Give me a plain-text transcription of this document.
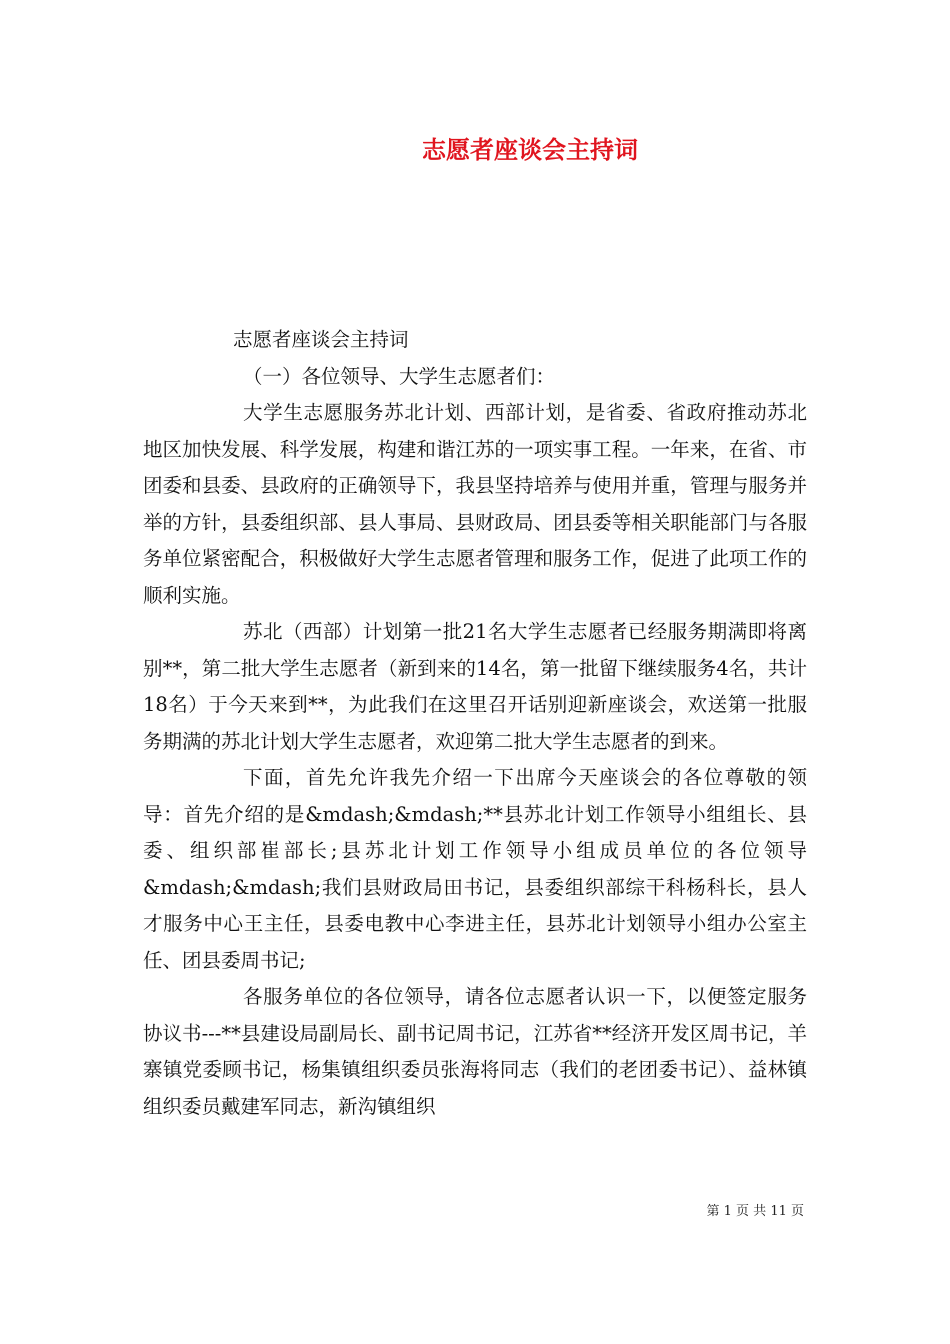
志愿者座谈会主持词

志愿者座谈会主持词

（一）各位领导、大学生志愿者们：

大学生志愿服务苏北计划、西部计划，是省委、省政府推动苏北地区加快发展、科学发展，构建和谐江苏的一项实事工程。一年来，在省、市团委和县委、县政府的正确领导下，我县坚持培养与使用并重，管理与服务并举的方针，县委组织部、县人事局、县财政局、团县委等相关职能部门与各服务单位紧密配合，积极做好大学生志愿者管理和服务工作，促进了此项工作的顺利实施。

苏北（西部）计划第一批21名大学生志愿者已经服务期满即将离别**，第二批大学生志愿者（新到来的14名，第一批留下继续服务4名，共计18名）于今天来到**，为此我们在这里召开话别迎新座谈会，欢送第一批服务期满的苏北计划大学生志愿者，欢迎第二批大学生志愿者的到来。

下面，首先允许我先介绍一下出席今天座谈会的各位尊敬的领导：首先介绍的是&mdash;&mdash;**县苏北计划工作领导小组组长、县委、组织部崔部长;县苏北计划工作领导小组成员单位的各位领导&mdash;&mdash;我们县财政局田书记，县委组织部综干科杨科长，县人才服务中心王主任，县委电教中心李进主任，县苏北计划领导小组办公室主任、团县委周书记;

各服务单位的各位领导，请各位志愿者认识一下，以便签定服务协议书---**县建设局副局长、副书记周书记，江苏省**经济开发区周书记，羊寨镇党委顾书记，杨集镇组织委员张海将同志（我们的老团委书记）、益林镇组织委员戴建军同志，新沟镇组织

第 1 页 共 11 页
